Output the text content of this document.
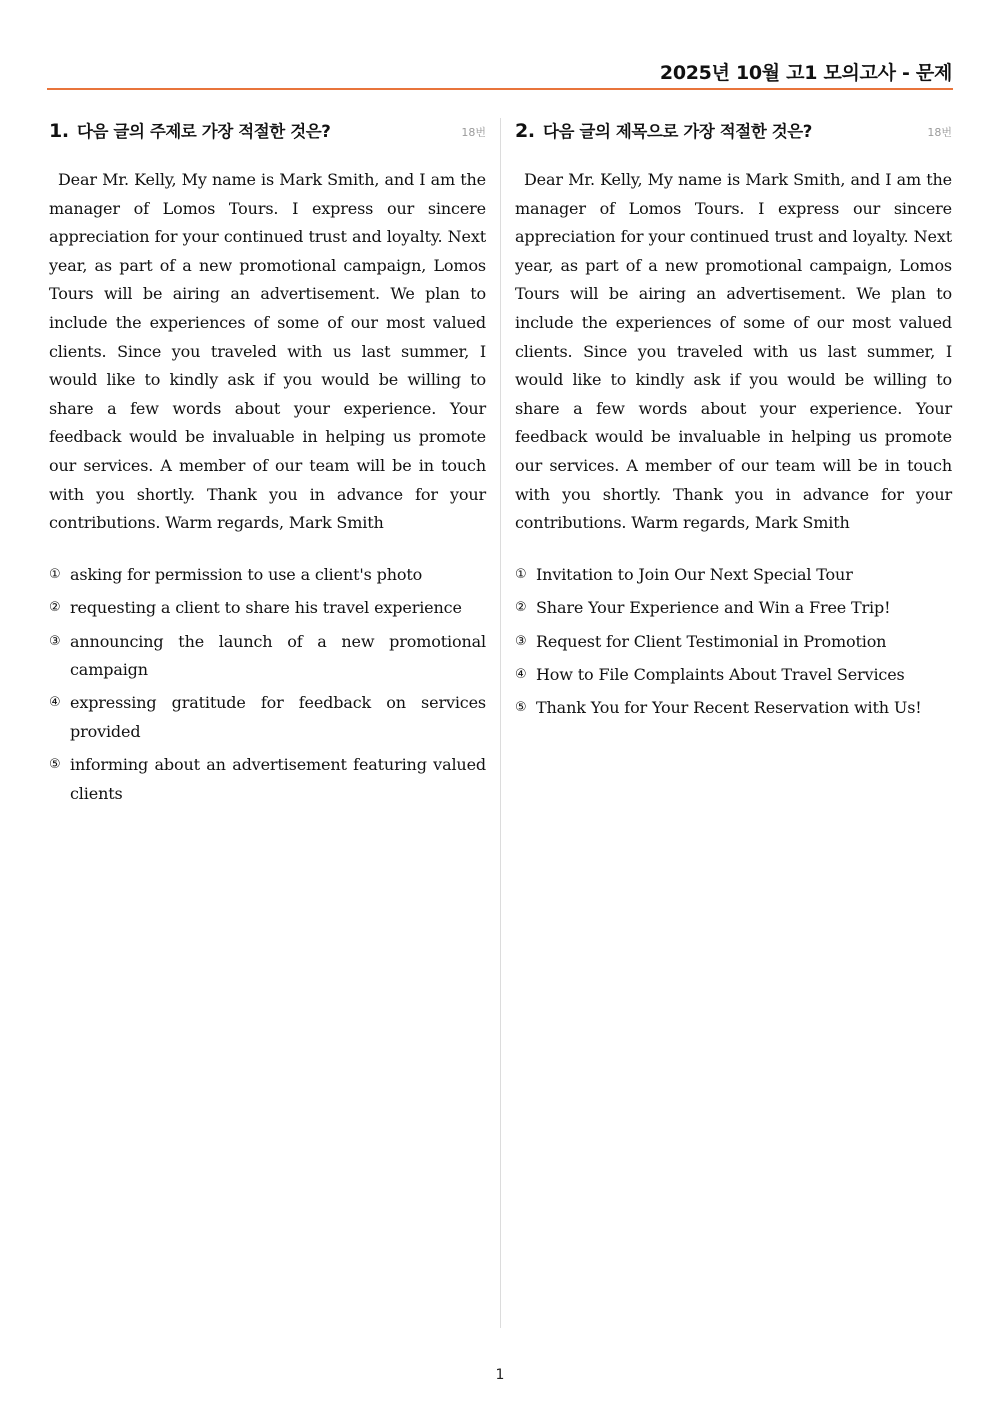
2025년 10월 고1 모의고사 - 문제
1. 다음 글의 주제로 가장 적절한 것은?	18번

Dear Mr. Kelly, My name is Mark Smith, and I am the manager of Lomos Tours. I express our sincere appreciation for your continued trust and loyalty. Next year, as part of a new promotional campaign, Lomos Tours will be airing an advertisement. We plan to include the experiences of some of our most valued clients. Since you traveled with us last summer, I would like to kindly ask if you would be willing to share a few words about your experience. Your feedback would be invaluable in helping us promote our services. A member of our team will be in touch with you shortly. Thank you in advance for your contributions. Warm regards, Mark Smith

① asking for permission to use a client's photo
② requesting a client to share his travel experience
③ announcing the launch of a new promotional campaign
④ expressing gratitude for feedback on services provided
⑤ informing about an advertisement featuring valued clients
2. 다음 글의 제목으로 가장 적절한 것은?	18번

Dear Mr. Kelly, My name is Mark Smith, and I am the manager of Lomos Tours. I express our sincere appreciation for your continued trust and loyalty. Next year, as part of a new promotional campaign, Lomos Tours will be airing an advertisement. We plan to include the experiences of some of our most valued clients. Since you traveled with us last summer, I would like to kindly ask if you would be willing to share a few words about your experience. Your feedback would be invaluable in helping us promote our services. A member of our team will be in touch with you shortly. Thank you in advance for your contributions. Warm regards, Mark Smith

① Invitation to Join Our Next Special Tour
② Share Your Experience and Win a Free Trip!
③ Request for Client Testimonial in Promotion
④ How to File Complaints About Travel Services
⑤ Thank You for Your Recent Reservation with Us!
1
